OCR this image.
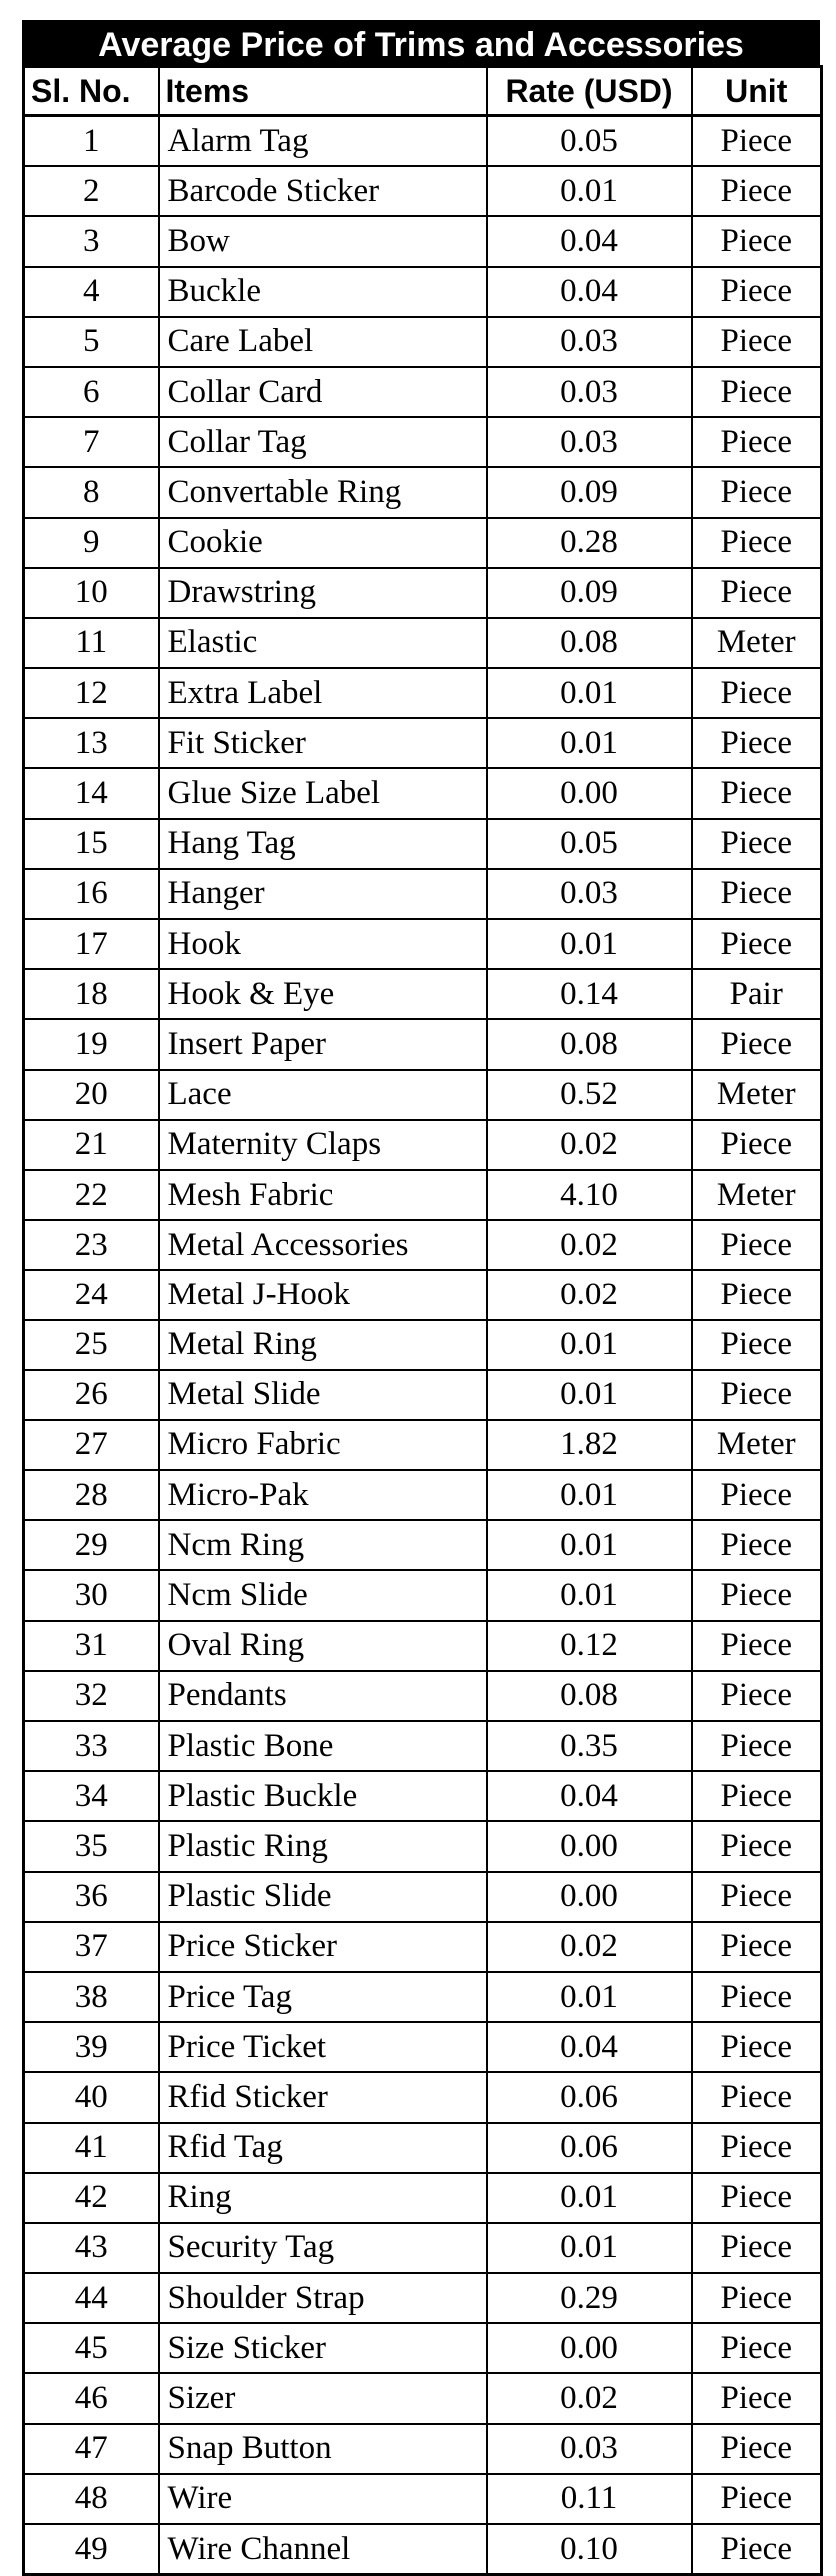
Average Price of Trims and Accessories
Sl. No.	Items	Rate (USD)	Unit
1	Alarm Tag	0.05	Piece
2	Barcode Sticker	0.01	Piece
3	Bow	0.04	Piece
4	Buckle	0.04	Piece
5	Care Label	0.03	Piece
6	Collar Card	0.03	Piece
7	Collar Tag	0.03	Piece
8	Convertable Ring	0.09	Piece
9	Cookie	0.28	Piece
10	Drawstring	0.09	Piece
11	Elastic	0.08	Meter
12	Extra Label	0.01	Piece
13	Fit Sticker	0.01	Piece
14	Glue Size Label	0.00	Piece
15	Hang Tag	0.05	Piece
16	Hanger	0.03	Piece
17	Hook	0.01	Piece
18	Hook & Eye	0.14	Pair
19	Insert Paper	0.08	Piece
20	Lace	0.52	Meter
21	Maternity Claps	0.02	Piece
22	Mesh Fabric	4.10	Meter
23	Metal Accessories	0.02	Piece
24	Metal J-Hook	0.02	Piece
25	Metal Ring	0.01	Piece
26	Metal Slide	0.01	Piece
27	Micro Fabric	1.82	Meter
28	Micro-Pak	0.01	Piece
29	Ncm Ring	0.01	Piece
30	Ncm Slide	0.01	Piece
31	Oval Ring	0.12	Piece
32	Pendants	0.08	Piece
33	Plastic Bone	0.35	Piece
34	Plastic Buckle	0.04	Piece
35	Plastic Ring	0.00	Piece
36	Plastic Slide	0.00	Piece
37	Price Sticker	0.02	Piece
38	Price Tag	0.01	Piece
39	Price Ticket	0.04	Piece
40	Rfid Sticker	0.06	Piece
41	Rfid Tag	0.06	Piece
42	Ring	0.01	Piece
43	Security Tag	0.01	Piece
44	Shoulder Strap	0.29	Piece
45	Size Sticker	0.00	Piece
46	Sizer	0.02	Piece
47	Snap Button	0.03	Piece
48	Wire	0.11	Piece
49	Wire Channel	0.10	Piece
